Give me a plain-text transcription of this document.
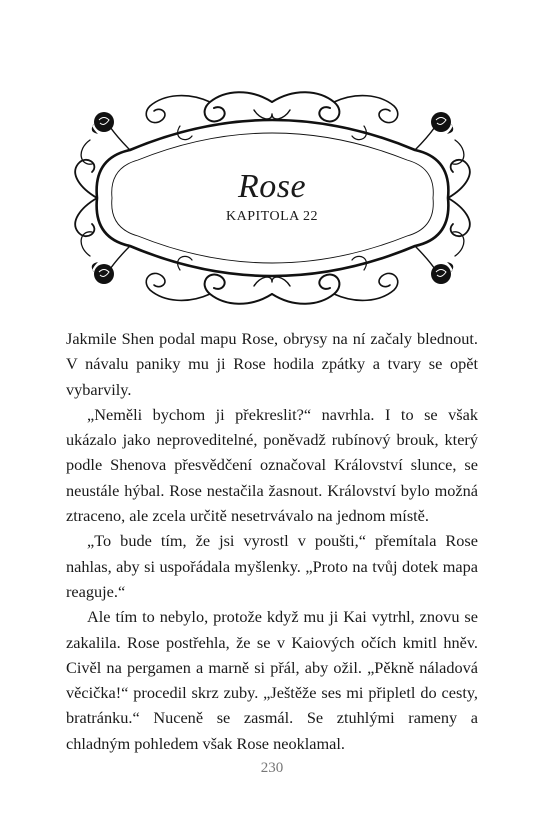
Rose
KAPITOLA 22

Jakmile Shen podal mapu Rose, obrysy na ní začaly blednout. V návalu paniky mu ji Rose hodila zpátky a tvary se opět vybarvily.

„Neměli bychom ji překreslit?“ navrhla. I to se však ukázalo jako neproveditelné, poněvadž rubínový brouk, který podle Shenova přesvědčení označoval Království slunce, se neustále hýbal. Rose nestačila žasnout. Království bylo možná ztraceno, ale zcela určitě nesetrvávalo na jednom místě.

„To bude tím, že jsi vyrostl v poušti,“ přemítala Rose nahlas, aby si uspořádala myšlenky. „Proto na tvůj dotek mapa reaguje.“

Ale tím to nebylo, protože když mu ji Kai vytrhl, znovu se zakalila. Rose postřehla, že se v Kaiových očích kmitl hněv. Civěl na pergamen a marně si přál, aby ožil. „Pěkně náladová věcička!“ procedil skrz zuby. „Ještěže ses mi připletl do cesty, bratránku.“ Nuceně se zasmál. Se ztuhlými rameny a chladným pohledem však Rose neoklamal.

230
